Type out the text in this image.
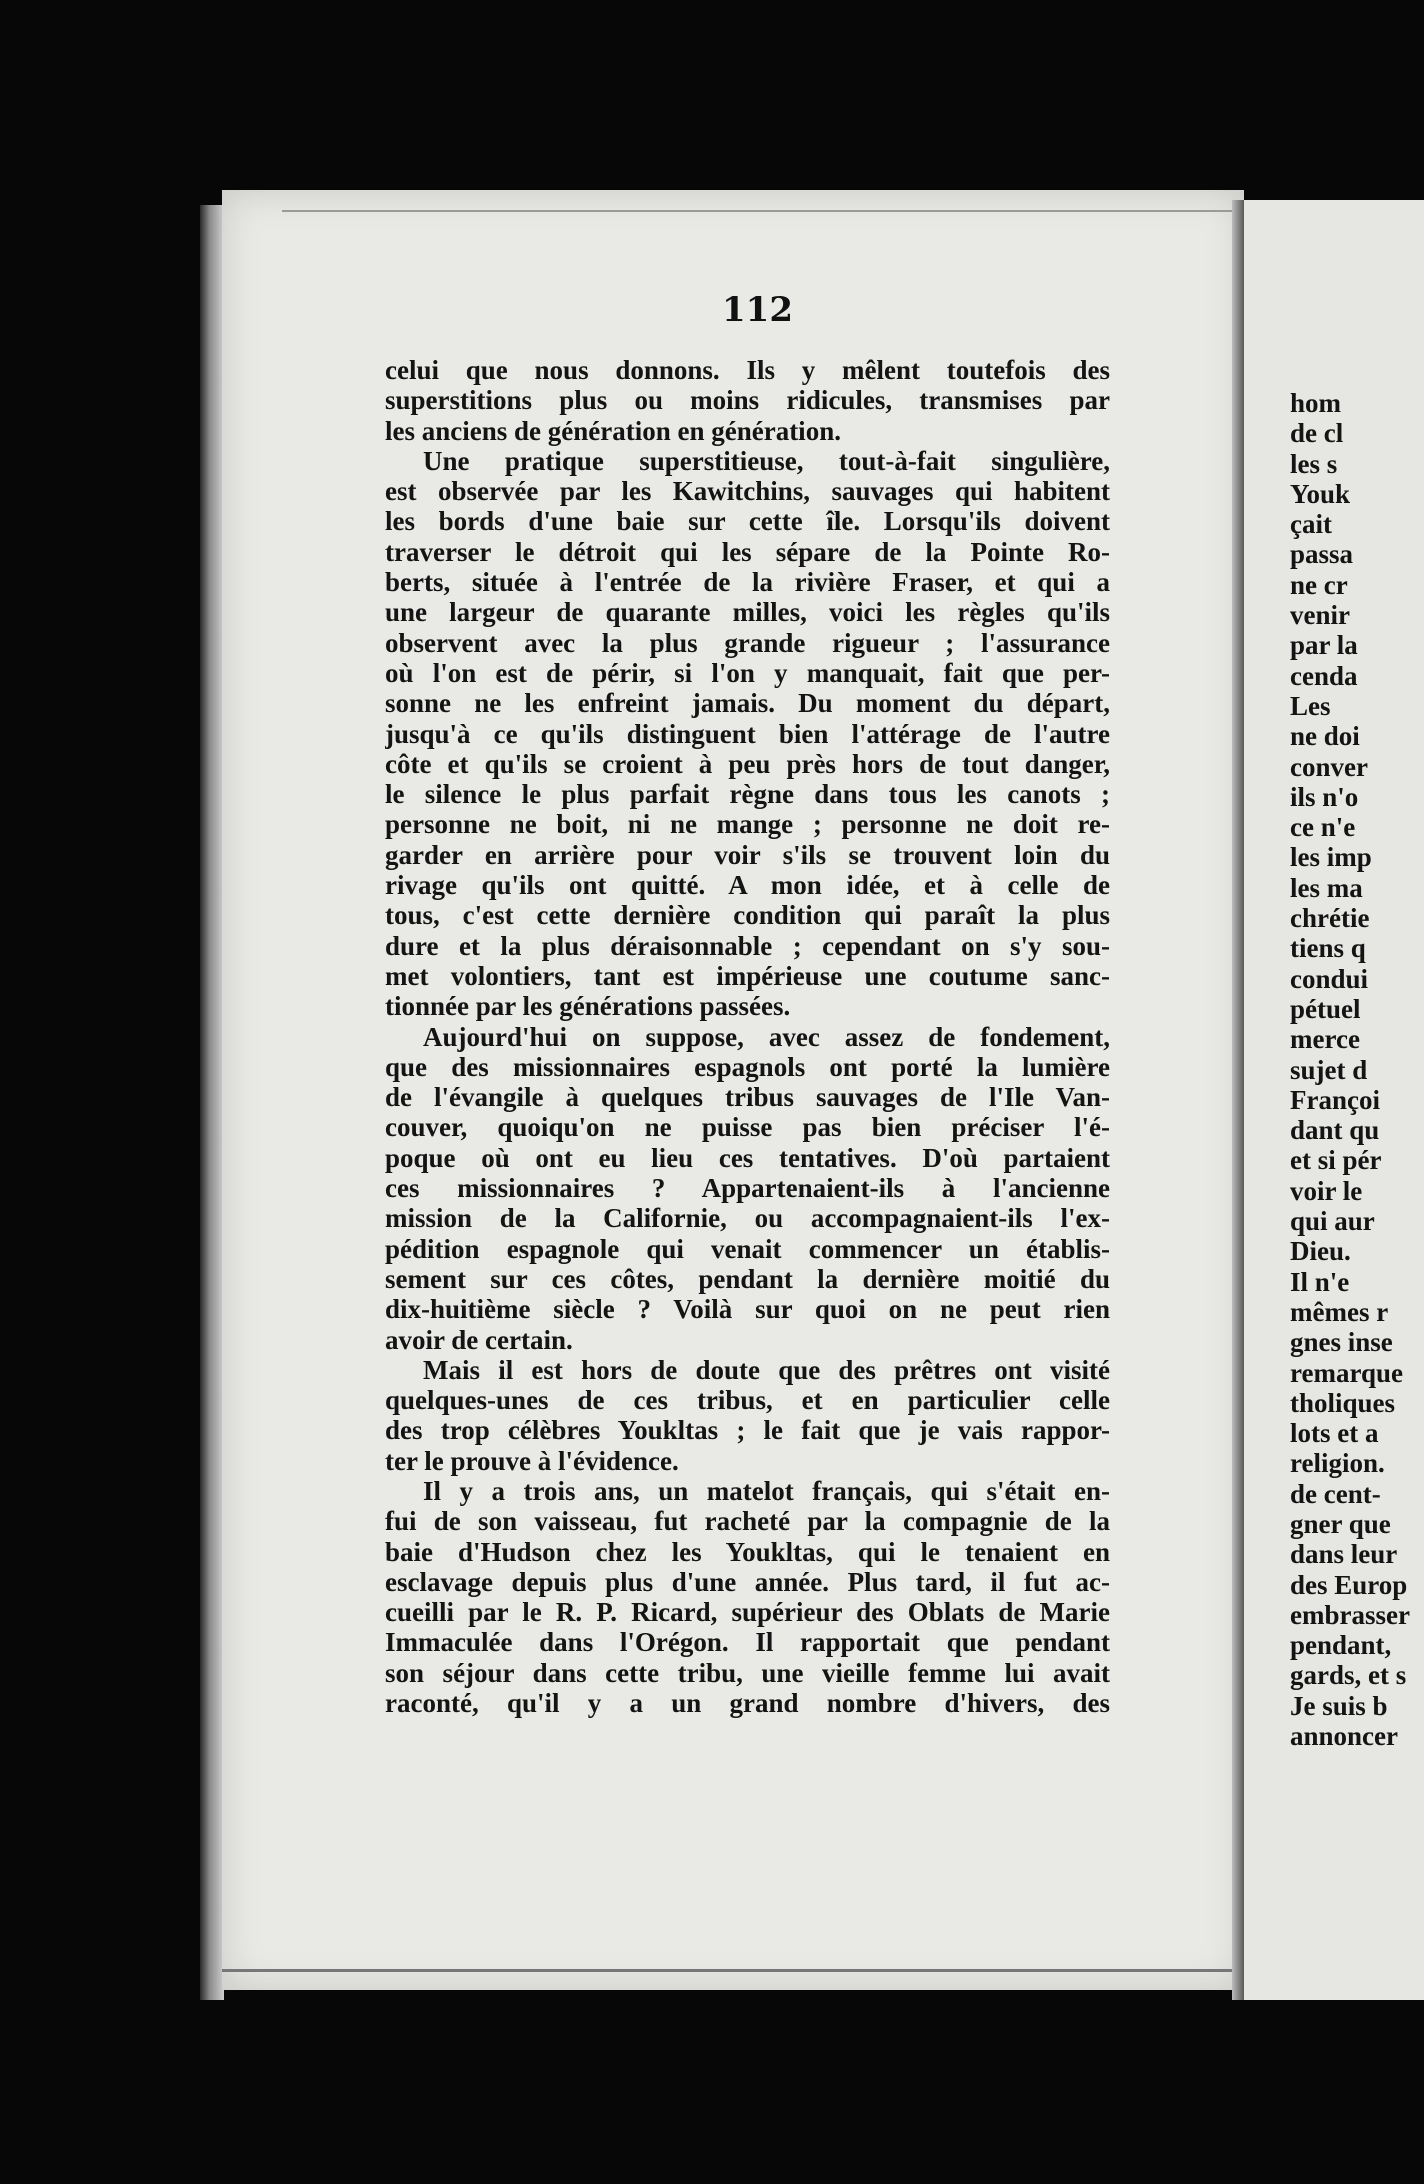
112
celui que nous donnons. Ils y mêlent toutefois des
superstitions plus ou moins ridicules, transmises par
les anciens de génération en génération.
Une pratique superstitieuse, tout-à-fait singulière,
est observée par les Kawitchins, sauvages qui habitent
les bords d'une baie sur cette île. Lorsqu'ils doivent
traverser le détroit qui les sépare de la Pointe Ro-
berts, située à l'entrée de la rivière Fraser, et qui a
une largeur de quarante milles, voici les règles qu'ils
observent avec la plus grande rigueur ; l'assurance
où l'on est de périr, si l'on y manquait, fait que per-
sonne ne les enfreint jamais. Du moment du départ,
jusqu'à ce qu'ils distinguent bien l'attérage de l'autre
côte et qu'ils se croient à peu près hors de tout danger,
le silence le plus parfait règne dans tous les canots ;
personne ne boit, ni ne mange ; personne ne doit re-
garder en arrière pour voir s'ils se trouvent loin du
rivage qu'ils ont quitté. A mon idée, et à celle de
tous, c'est cette dernière condition qui paraît la plus
dure et la plus déraisonnable ; cependant on s'y sou-
met volontiers, tant est impérieuse une coutume sanc-
tionnée par les générations passées.
Aujourd'hui on suppose, avec assez de fondement,
que des missionnaires espagnols ont porté la lumière
de l'évangile à quelques tribus sauvages de l'Ile Van-
couver, quoiqu'on ne puisse pas bien préciser l'é-
poque où ont eu lieu ces tentatives. D'où partaient
ces missionnaires ? Appartenaient-ils à l'ancienne
mission de la Californie, ou accompagnaient-ils l'ex-
pédition espagnole qui venait commencer un établis-
sement sur ces côtes, pendant la dernière moitié du
dix-huitième siècle ? Voilà sur quoi on ne peut rien
avoir de certain.
Mais il est hors de doute que des prêtres ont visité
quelques-unes de ces tribus, et en particulier celle
des trop célèbres Youkltas ; le fait que je vais rappor-
ter le prouve à l'évidence.
Il y a trois ans, un matelot français, qui s'était en-
fui de son vaisseau, fut racheté par la compagnie de la
baie d'Hudson chez les Youkltas, qui le tenaient en
esclavage depuis plus d'une année. Plus tard, il fut ac-
cueilli par le R. P. Ricard, supérieur des Oblats de Marie
Immaculée dans l'Orégon. Il rapportait que pendant
son séjour dans cette tribu, une vieille femme lui avait
raconté, qu'il y a un grand nombre d'hivers, des
hom
de cl
les s
Youk
çait
passa
ne cr
venir
par la
cenda
Les
ne doi
conver
ils n'o
ce n'e
les imp
les ma
chrétie
tiens q
condui
pétuel
merce
sujet d
Françoi
dant qu
et si pér
voir le
qui aur
Dieu.
Il n'e
mêmes r
gnes inse
remarque
tholiques
lots et a
religion.
de cent-
gner que
dans leur
des Europ
embrasser
pendant,
gards, et s
Je suis b
annoncer
